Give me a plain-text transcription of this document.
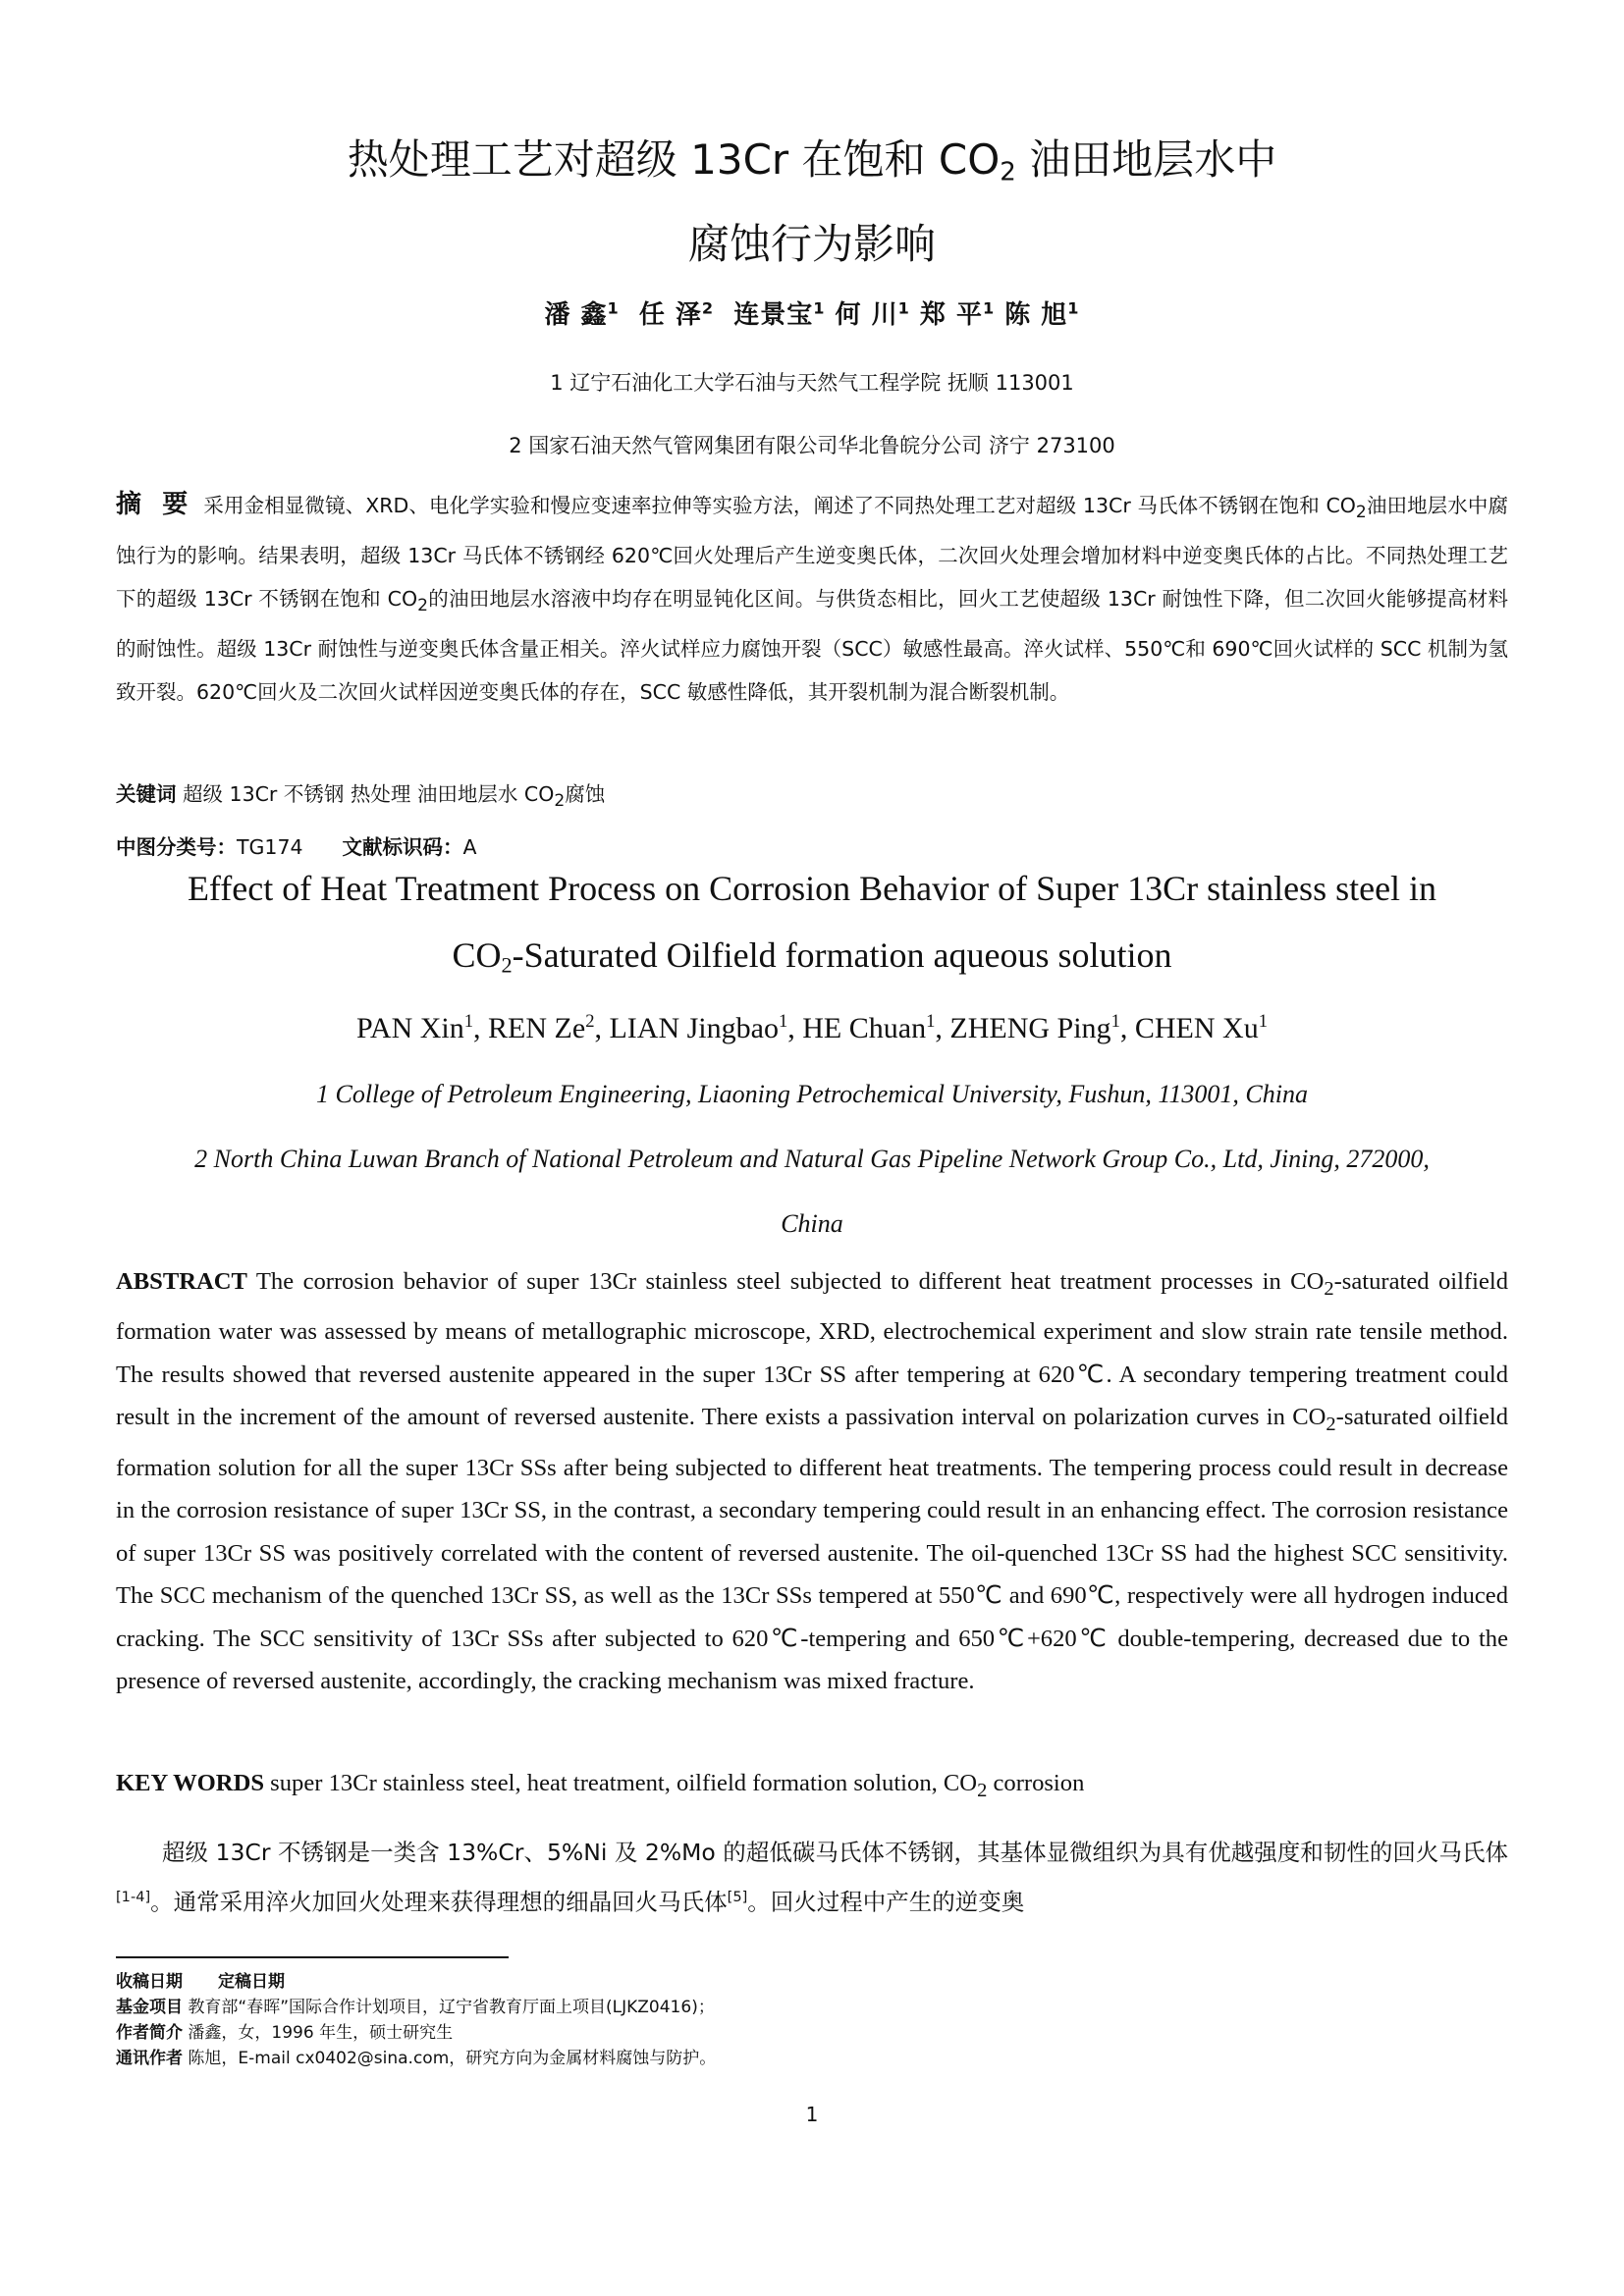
热处理工艺对超级 13Cr 在饱和 $CO_2$ 油田地层水中
腐蚀行为影响
潘 鑫$^1$ 任 泽$^2$ 连景宝$^1$ 何 川$^1$ 郑 平$^1$ 陈 旭$^1$
1 辽宁石油化工大学石油与天然气工程学院 抚顺 113001
2 国家石油天然气管网集团有限公司华北鲁皖分公司 济宁 273100
摘 要 采用金相显微镜、XRD、电化学实验和慢应变速率拉伸等实验方法，阐述了不同热处理工艺对超级 13Cr 马氏体不锈钢在饱和 $CO_2$油田地层水中腐蚀行为的影响。结果表明，超级 13Cr 马氏体不锈钢经 620℃回火处理后产生逆变奥氏体，二次回火处理会增加材料中逆变奥氏体的占比。不同热处理工艺下的超级 13Cr 不锈钢在饱和 $CO_2$的油田地层水溶液中均存在明显钝化区间。与供货态相比，回火工艺使超级 13Cr 耐蚀性下降，但二次回火能够提高材料的耐蚀性。超级 13Cr 耐蚀性与逆变奥氏体含量正相关。淬火试样应力腐蚀开裂（SCC）敏感性最高。淬火试样、550℃和 690℃回火试样的 SCC 机制为氢致开裂。620℃回火及二次回火试样因逆变奥氏体的存在，SCC 敏感性降低，其开裂机制为混合断裂机制。
关键词 超级 13Cr 不锈钢 热处理 油田地层水 $CO_2$腐蚀
中图分类号：TG174 文献标识码：A
Effect of Heat Treatment Process on Corrosion Behavior of Super 13Cr stainless steel in
$CO_2$-Saturated Oilfield formation aqueous solution
PAN Xin$^1$, REN Ze$^2$, LIAN Jingbao$^1$, HE Chuan$^1$, ZHENG Ping$^1$, CHEN Xu$^1$
1 College of Petroleum Engineering, Liaoning Petrochemical University, Fushun, 113001, China
2 North China Luwan Branch of National Petroleum and Natural Gas Pipeline Network Group Co., Ltd, Jining, 272000,
China
ABSTRACT The corrosion behavior of super 13Cr stainless steel subjected to different heat treatment processes in $CO_2$-saturated oilfield formation water was assessed by means of metallographic microscope, XRD, electrochemical experiment and slow strain rate tensile method. The results showed that reversed austenite appeared in the super 13Cr SS after tempering at 620℃. A secondary tempering treatment could result in the increment of the amount of reversed austenite. There exists a passivation interval on polarization curves in $CO_2$-saturated oilfield formation solution for all the super 13Cr SSs after being subjected to different heat treatments. The tempering process could result in decrease in the corrosion resistance of super 13Cr SS, in the contrast, a secondary tempering could result in an enhancing effect. The corrosion resistance of super 13Cr SS was positively correlated with the content of reversed austenite. The oil-quenched 13Cr SS had the highest SCC sensitivity. The SCC mechanism of the quenched 13Cr SS, as well as the 13Cr SSs tempered at 550℃ and 690℃, respectively were all hydrogen induced cracking. The SCC sensitivity of 13Cr SSs after subjected to 620℃-tempering and 650℃+620℃ double-tempering, decreased due to the presence of reversed austenite, accordingly, the cracking mechanism was mixed fracture.
KEY WORDS super 13Cr stainless steel, heat treatment, oilfield formation solution, $CO_2$ corrosion
超级 13Cr 不锈钢是一类含 13%Cr、5%Ni 及 2%Mo 的超低碳马氏体不锈钢，其基体显微组织为具有优越强度和韧性的回火马氏体[1-4]。通常采用淬火加回火处理来获得理想的细晶回火马氏体[5]。回火过程中产生的逆变奥
收稿日期 定稿日期
基金项目 教育部“春晖”国际合作计划项目，辽宁省教育厅面上项目(LJKZ0416)；
作者简介 潘鑫，女，1996 年生，硕士研究生
通讯作者 陈旭，E-mail cx0402@sina.com，研究方向为金属材料腐蚀与防护。
1
